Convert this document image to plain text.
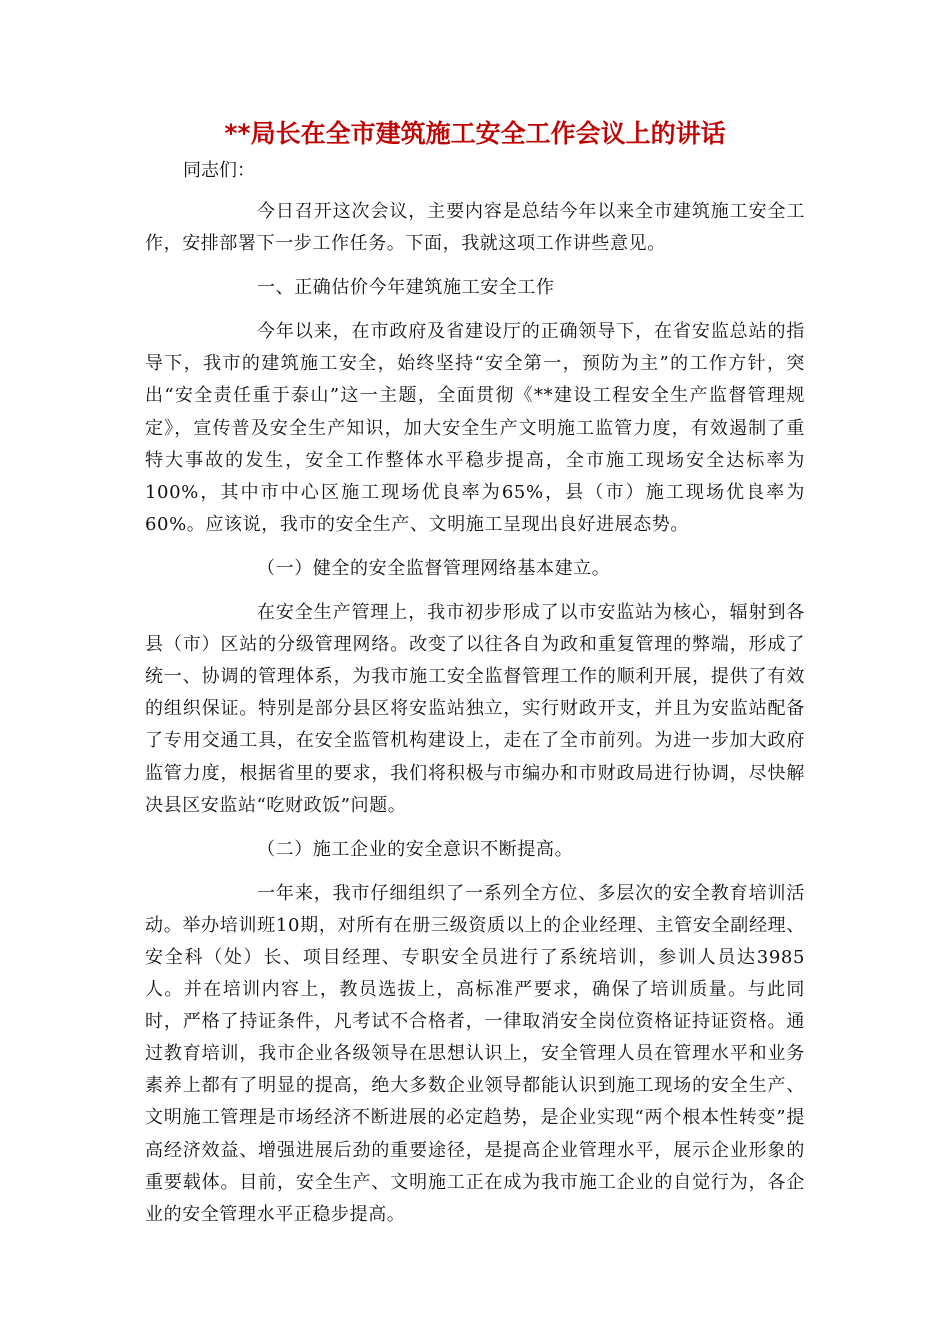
**局长在全市建筑施工安全工作会议上的讲话
同志们：

今日召开这次会议，主要内容是总结今年以来全市建筑施工安全工作，安排部署下一步工作任务。下面，我就这项工作讲些意见。

一、正确估价今年建筑施工安全工作

今年以来，在市政府及省建设厅的正确领导下，在省安监总站的指导下，我市的建筑施工安全，始终坚持“安全第一，预防为主”的工作方针，突出“安全责任重于泰山”这一主题，全面贯彻《**建设工程安全生产监督管理规定》，宣传普及安全生产知识，加大安全生产文明施工监管力度，有效遏制了重特大事故的发生，安全工作整体水平稳步提高，全市施工现场安全达标率为100%，其中市中心区施工现场优良率为65%，县（市）施工现场优良率为60%。应该说，我市的安全生产、文明施工呈现出良好进展态势。

（一）健全的安全监督管理网络基本建立。

在安全生产管理上，我市初步形成了以市安监站为核心，辐射到各县（市）区站的分级管理网络。改变了以往各自为政和重复管理的弊端，形成了统一、协调的管理体系，为我市施工安全监督管理工作的顺利开展，提供了有效的组织保证。特别是部分县区将安监站独立，实行财政开支，并且为安监站配备了专用交通工具，在安全监管机构建设上，走在了全市前列。为进一步加大政府监管力度，根据省里的要求，我们将积极与市编办和市财政局进行协调，尽快解决县区安监站“吃财政饭”问题。

（二）施工企业的安全意识不断提高。

一年来，我市仔细组织了一系列全方位、多层次的安全教育培训活动。举办培训班10期，对所有在册三级资质以上的企业经理、主管安全副经理、安全科（处）长、项目经理、专职安全员进行了系统培训，参训人员达3985人。并在培训内容上，教员选拔上，高标准严要求，确保了培训质量。与此同时，严格了持证条件，凡考试不合格者，一律取消安全岗位资格证持证资格。通过教育培训，我市企业各级领导在思想认识上，安全管理人员在管理水平和业务素养上都有了明显的提高，绝大多数企业领导都能认识到施工现场的安全生产、文明施工管理是市场经济不断进展的必定趋势，是企业实现“两个根本性转变”提高经济效益、增强进展后劲的重要途径，是提高企业管理水平，展示企业形象的重要载体。目前，安全生产、文明施工正在成为我市施工企业的自觉行为，各企业的安全管理水平正稳步提高。
